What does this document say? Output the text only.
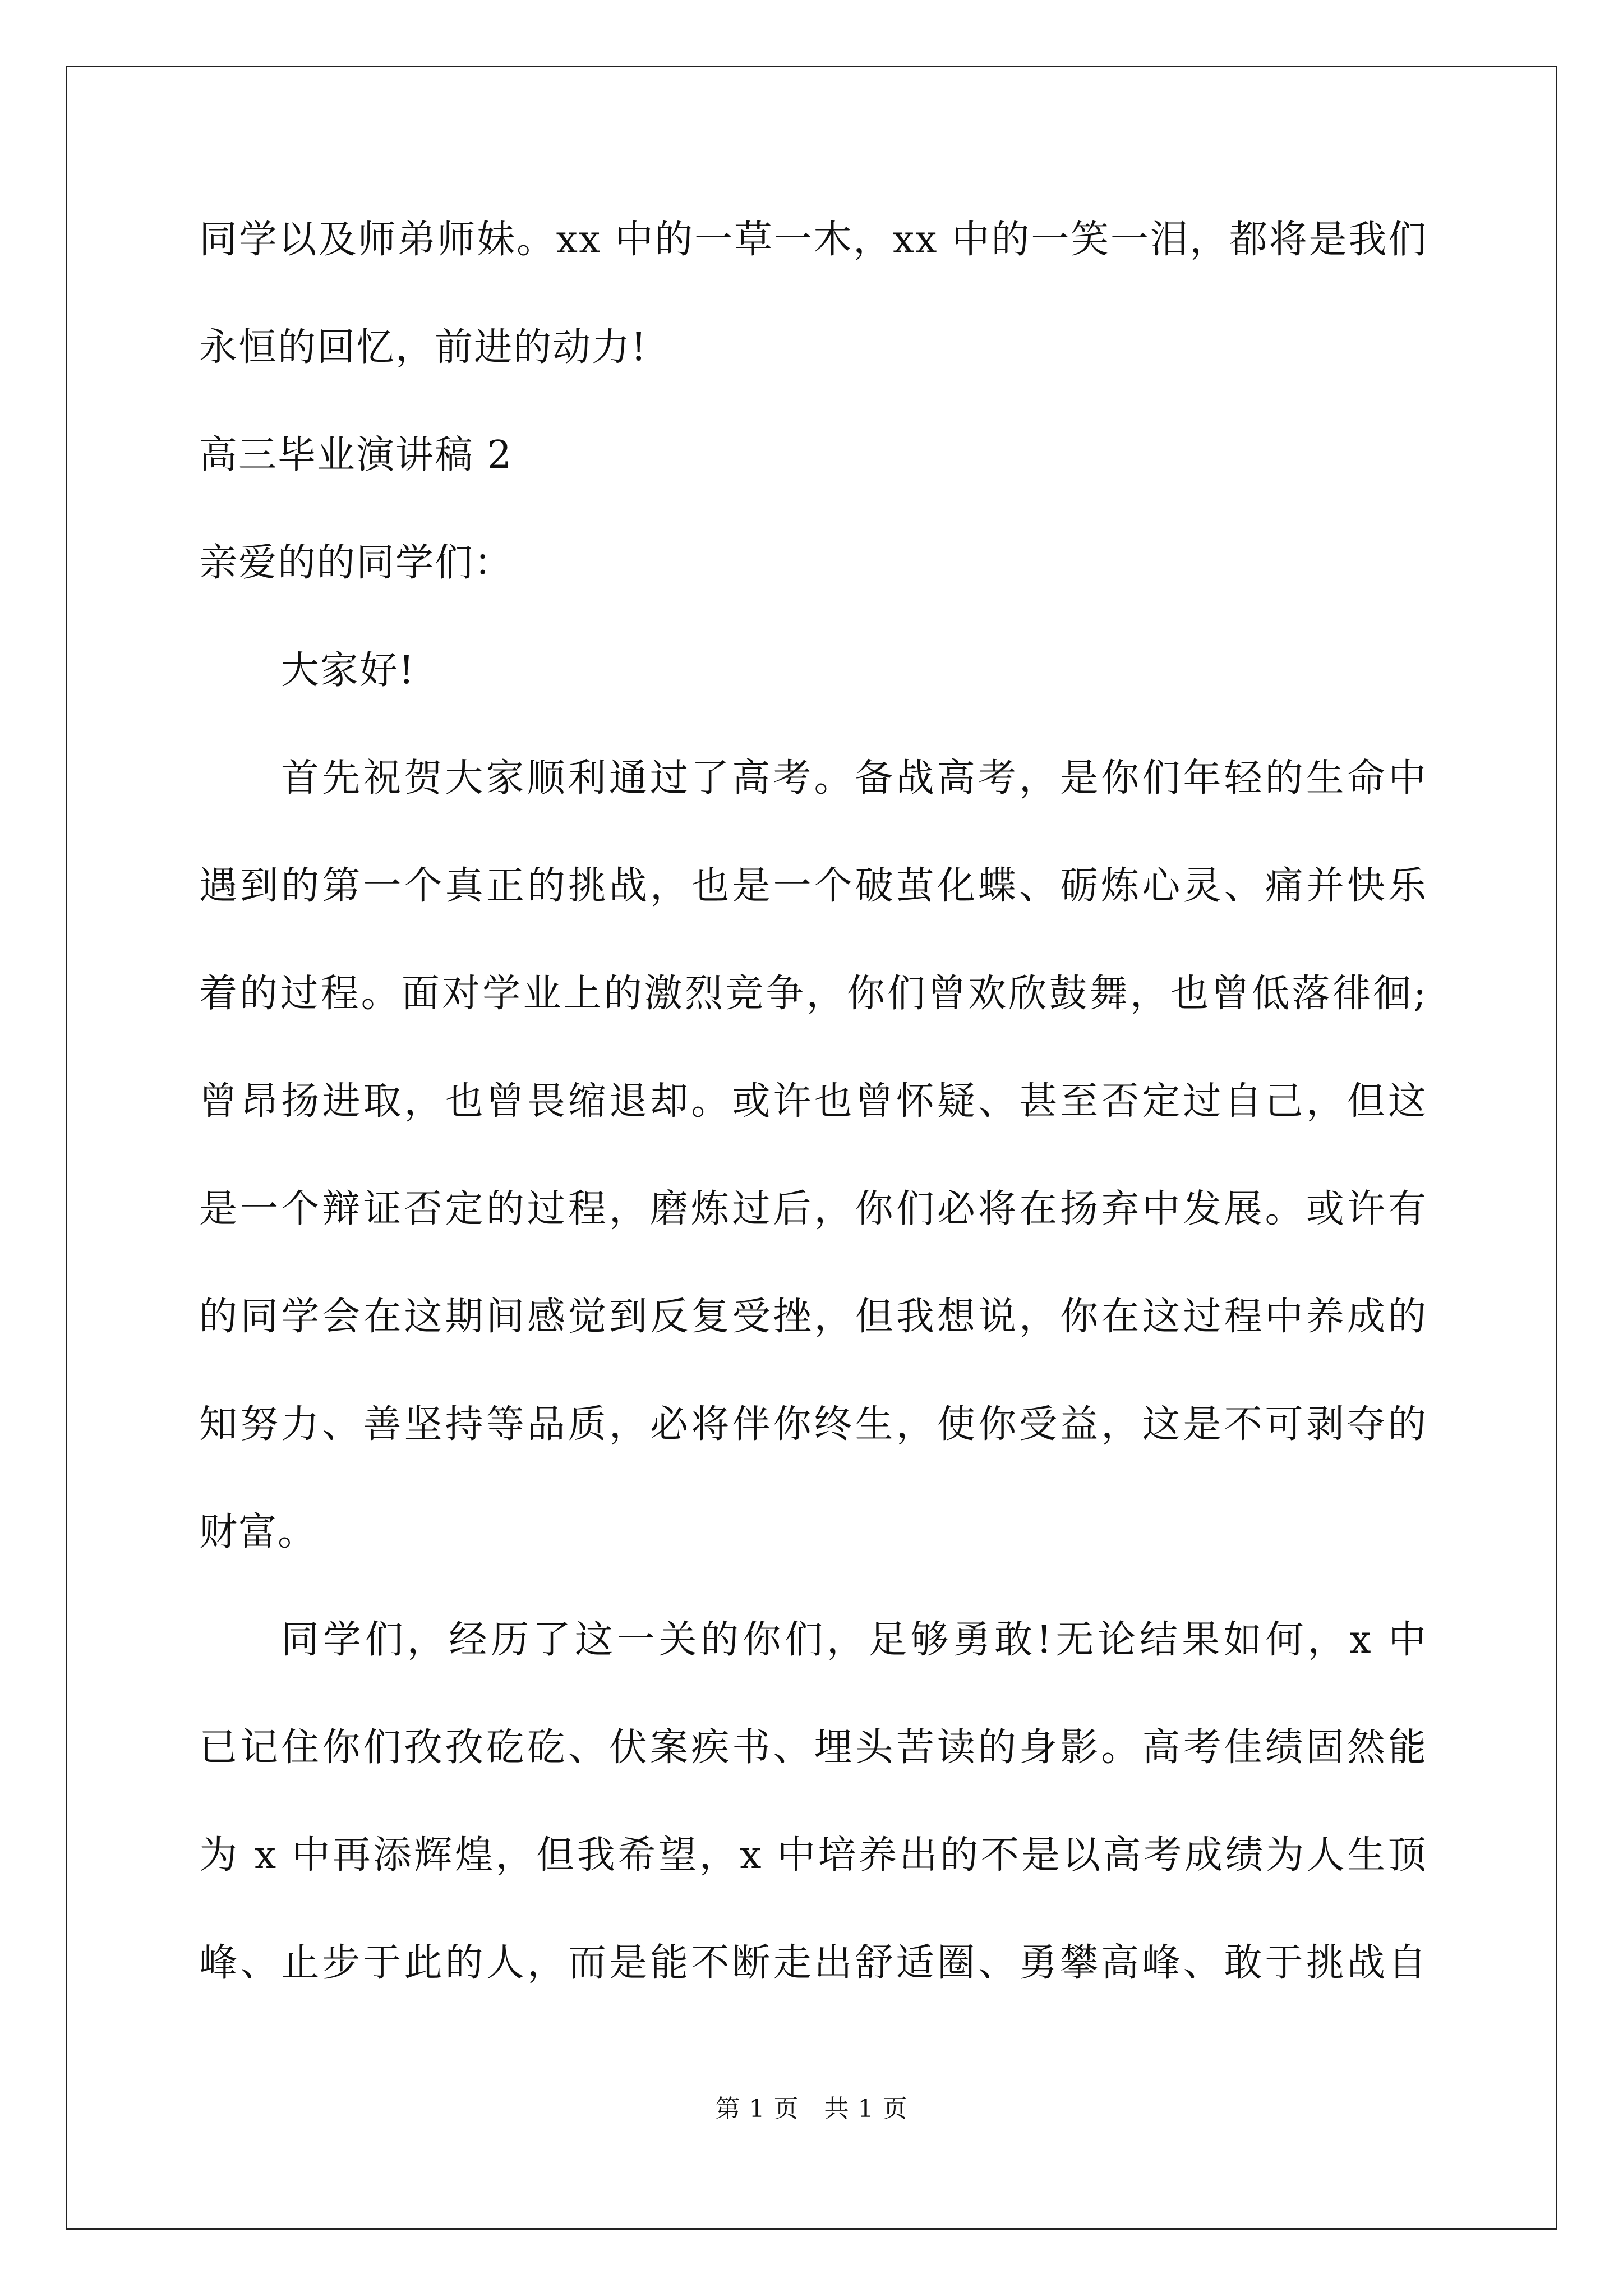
同学以及师弟师妹。xx 中的一草一木，xx 中的一笑一泪，都将是我们
永恒的回忆，前进的动力!
高三毕业演讲稿 2
亲爱的的同学们：
大家好!
首先祝贺大家顺利通过了高考。备战高考，是你们年轻的生命中
遇到的第一个真正的挑战，也是一个破茧化蝶、砺炼心灵、痛并快乐
着的过程。面对学业上的激烈竞争，你们曾欢欣鼓舞，也曾低落徘徊;
曾昂扬进取，也曾畏缩退却。或许也曾怀疑、甚至否定过自己，但这
是一个辩证否定的过程，磨炼过后，你们必将在扬弃中发展。或许有
的同学会在这期间感觉到反复受挫，但我想说，你在这过程中养成的
知努力、善坚持等品质，必将伴你终生，使你受益，这是不可剥夺的
财富。
同学们，经历了这一关的你们，足够勇敢!无论结果如何，x 中
已记住你们孜孜矻矻、伏案疾书、埋头苦读的身影。高考佳绩固然能
为 x 中再添辉煌，但我希望，x 中培养出的不是以高考成绩为人生顶
峰、止步于此的人，而是能不断走出舒适圈、勇攀高峰、敢于挑战自
第 1 页　共 1 页
